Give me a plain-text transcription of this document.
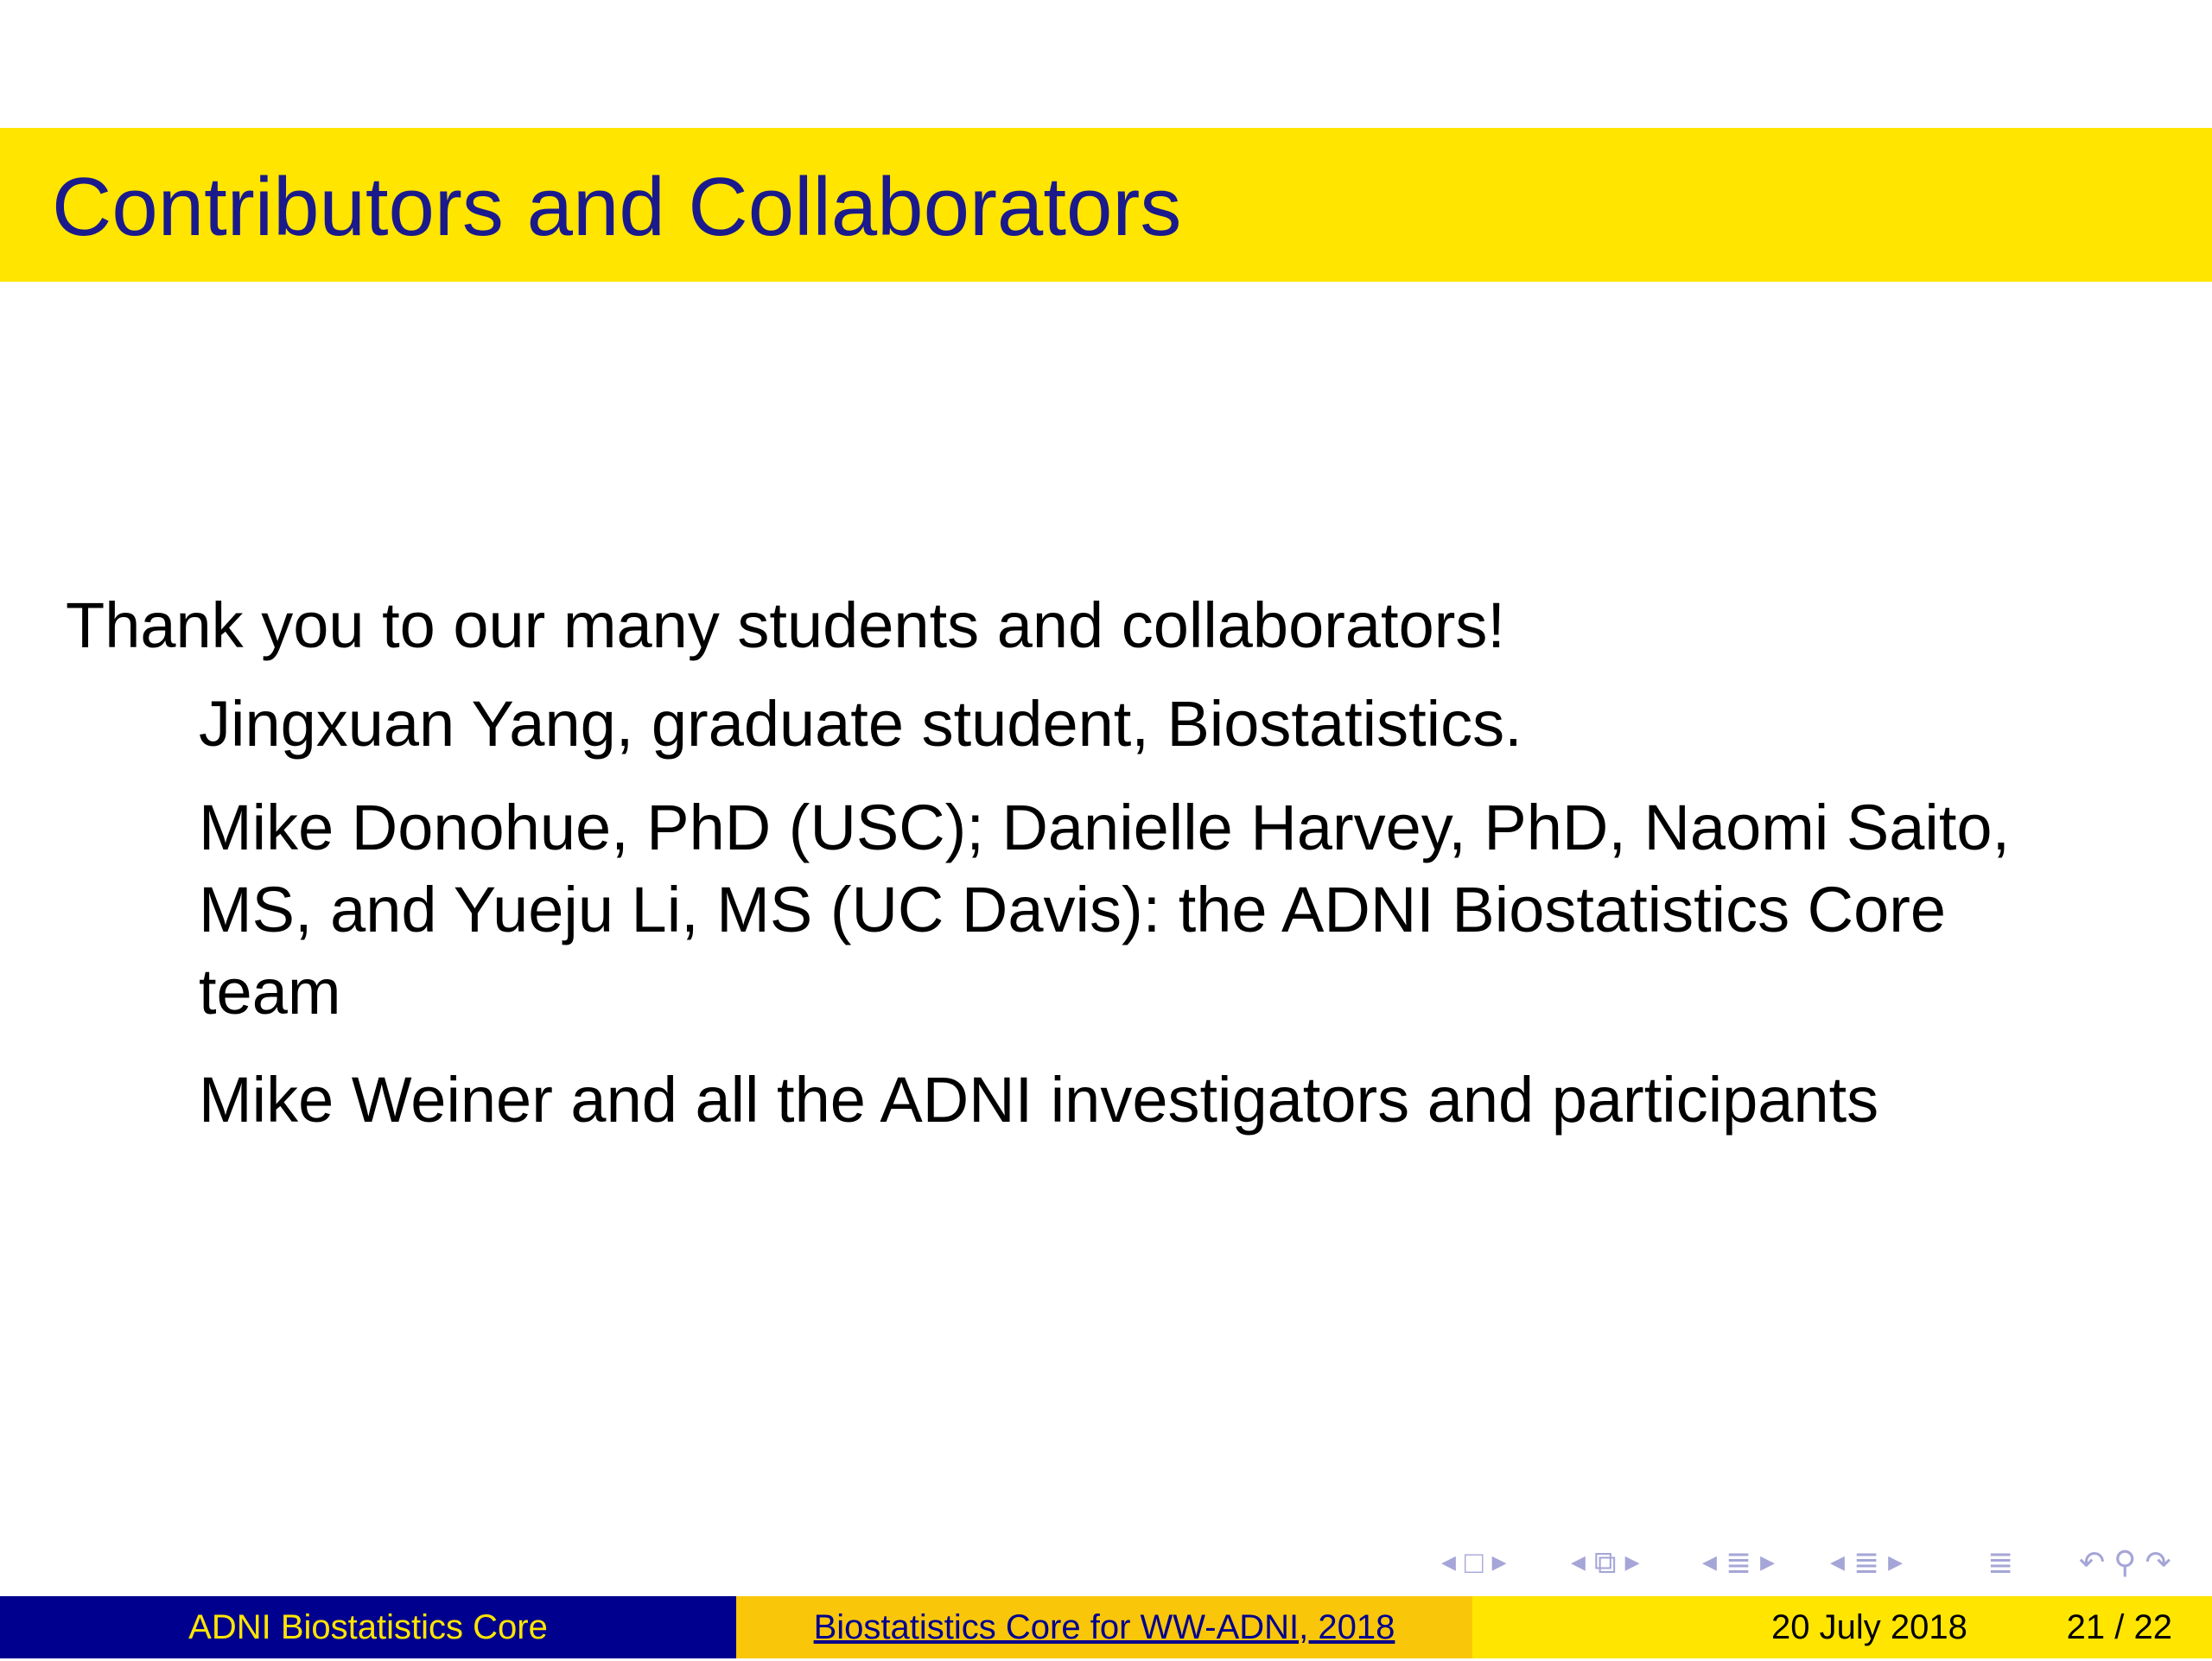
Contributors and Collaborators
Thank you to our many students and collaborators!
Jingxuan Yang, graduate student, Biostatistics.
Mike Donohue, PhD (USC); Danielle Harvey, PhD, Naomi Saito, MS, and Yueju Li, MS (UC Davis): the ADNI Biostatistics Core team
Mike Weiner and all the ADNI investigators and participants
◀ □ ▶	◀ ⧉ ▶	◀ ≣ ▶	◀ ≣ ▶	≣ ↶ ⚲ ↷
ADNI Biostatistics Core	Biostatistics Core for WW-ADNI, 2018	20 July 2018	21 / 22
